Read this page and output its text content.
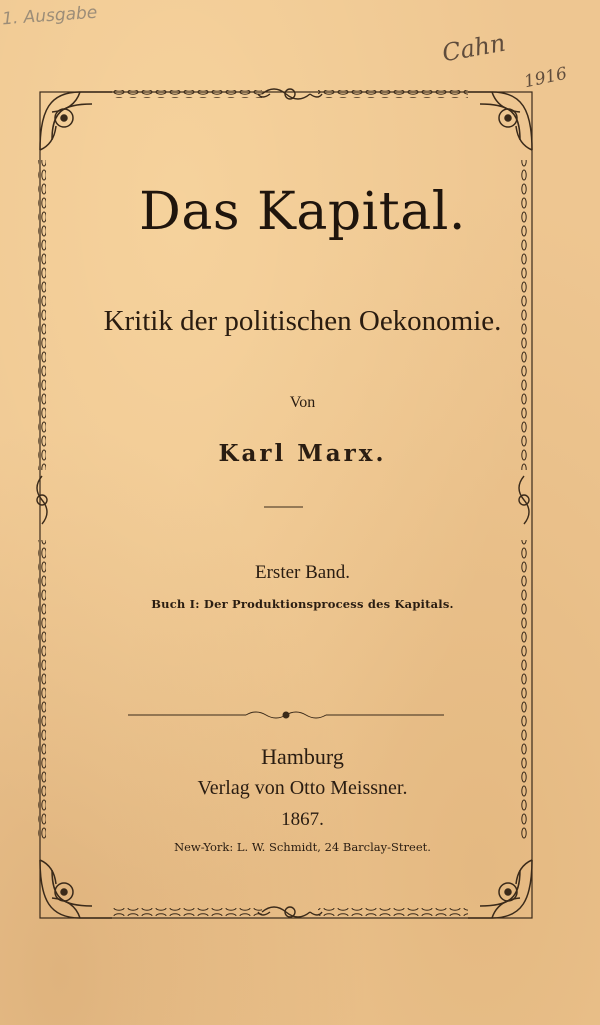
Das Kapital.
Kritik der politischen Oekonomie.
Von
Karl Marx.
Erster Band.
Buch I: Der Produktionsprocess des Kapitals.
Hamburg
Verlag von Otto Meissner.
1867.
New-York: L. W. Schmidt, 24 Barclay-Street.
1. Ausgabe
Cahn
1916
